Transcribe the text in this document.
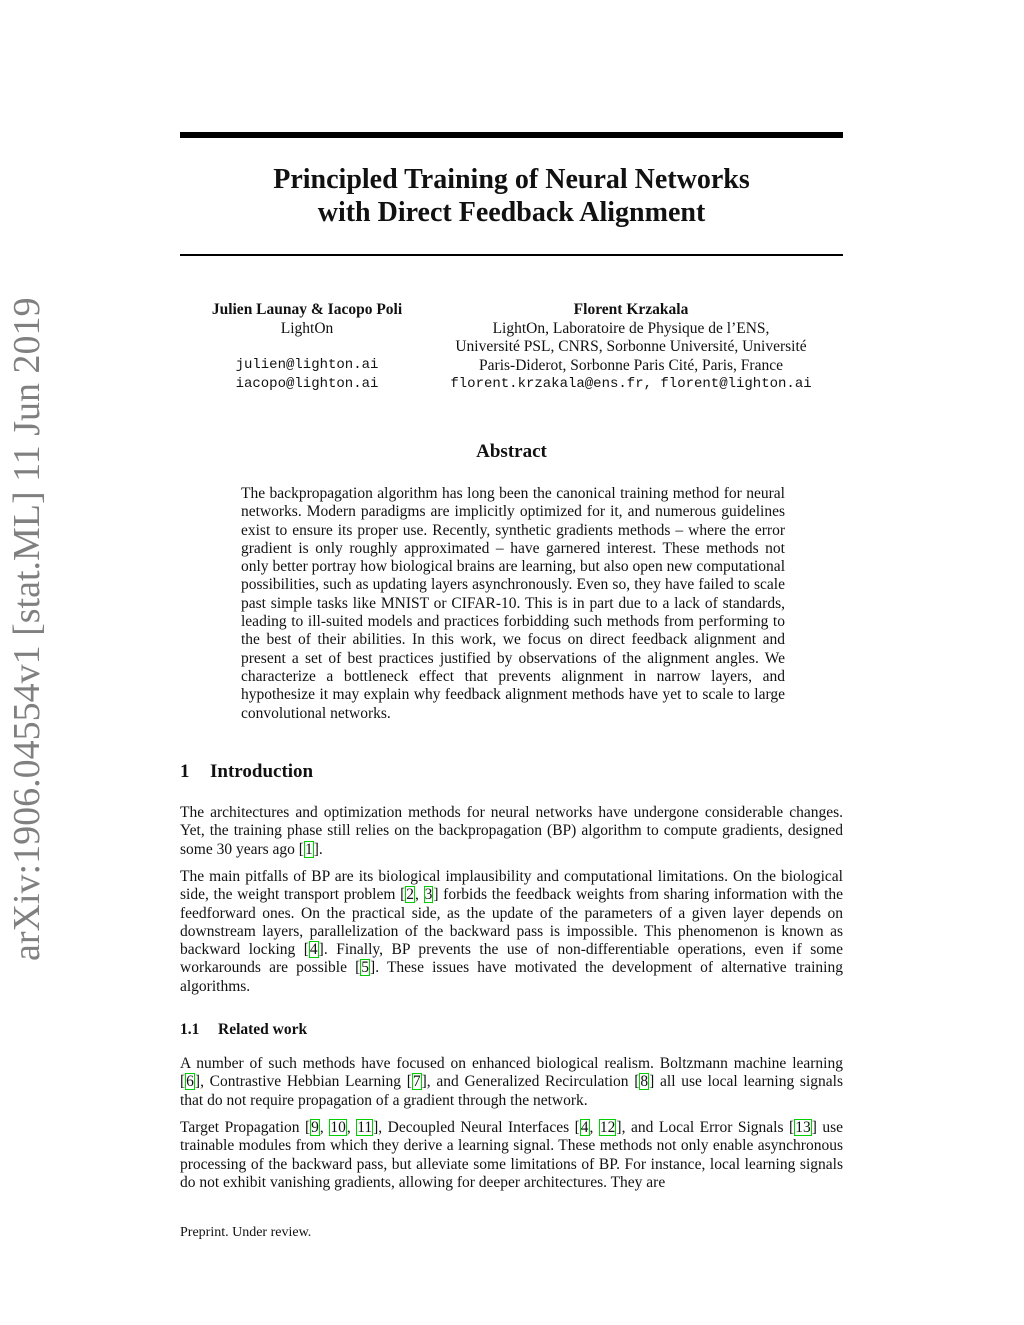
arXiv:1906.04554v1 [stat.ML] 11 Jun 2019
Principled Training of Neural Networks
with Direct Feedback Alignment
Julien Launay & Iacopo Poli
LightOn
julien@lighton.ai
iacopo@lighton.ai
Florent Krzakala
LightOn, Laboratoire de Physique de l’ENS,
Université PSL, CNRS, Sorbonne Université, Université
Paris-Diderot, Sorbonne Paris Cité, Paris, France
florent.krzakala@ens.fr, florent@lighton.ai
Abstract
The backpropagation algorithm has long been the canonical training method for neural networks. Modern paradigms are implicitly optimized for it, and numerous guidelines exist to ensure its proper use. Recently, synthetic gradients methods – where the error gradient is only roughly approximated – have garnered interest. These methods not only better portray how biological brains are learning, but also open new computational possibilities, such as updating layers asynchronously. Even so, they have failed to scale past simple tasks like MNIST or CIFAR-10. This is in part due to a lack of standards, leading to ill-suited models and practices forbidding such methods from performing to the best of their abilities. In this work, we focus on direct feedback alignment and present a set of best practices justified by observations of the alignment angles. We characterize a bottleneck effect that prevents alignment in narrow layers, and hypothesize it may explain why feedback alignment methods have yet to scale to large convolutional networks.
1 Introduction

The architectures and optimization methods for neural networks have undergone considerable changes. Yet, the training phase still relies on the backpropagation (BP) algorithm to compute gradients, designed some 30 years ago [1].

The main pitfalls of BP are its biological implausibility and computational limitations. On the biological side, the weight transport problem [2, 3] forbids the feedback weights from sharing information with the feedforward ones. On the practical side, as the update of the parameters of a given layer depends on downstream layers, parallelization of the backward pass is impossible. This phenomenon is known as backward locking [4]. Finally, BP prevents the use of non-differentiable operations, even if some workarounds are possible [5]. These issues have motivated the development of alternative training algorithms.

1.1 Related work

A number of such methods have focused on enhanced biological realism. Boltzmann machine learning [6], Contrastive Hebbian Learning [7], and Generalized Recirculation [8] all use local learning signals that do not require propagation of a gradient through the network.

Target Propagation [9, 10, 11], Decoupled Neural Interfaces [4, 12], and Local Error Signals [13] use trainable modules from which they derive a learning signal. These methods not only enable asynchronous processing of the backward pass, but alleviate some limitations of BP. For instance, local learning signals do not exhibit vanishing gradients, allowing for deeper architectures. They are

Preprint. Under review.
